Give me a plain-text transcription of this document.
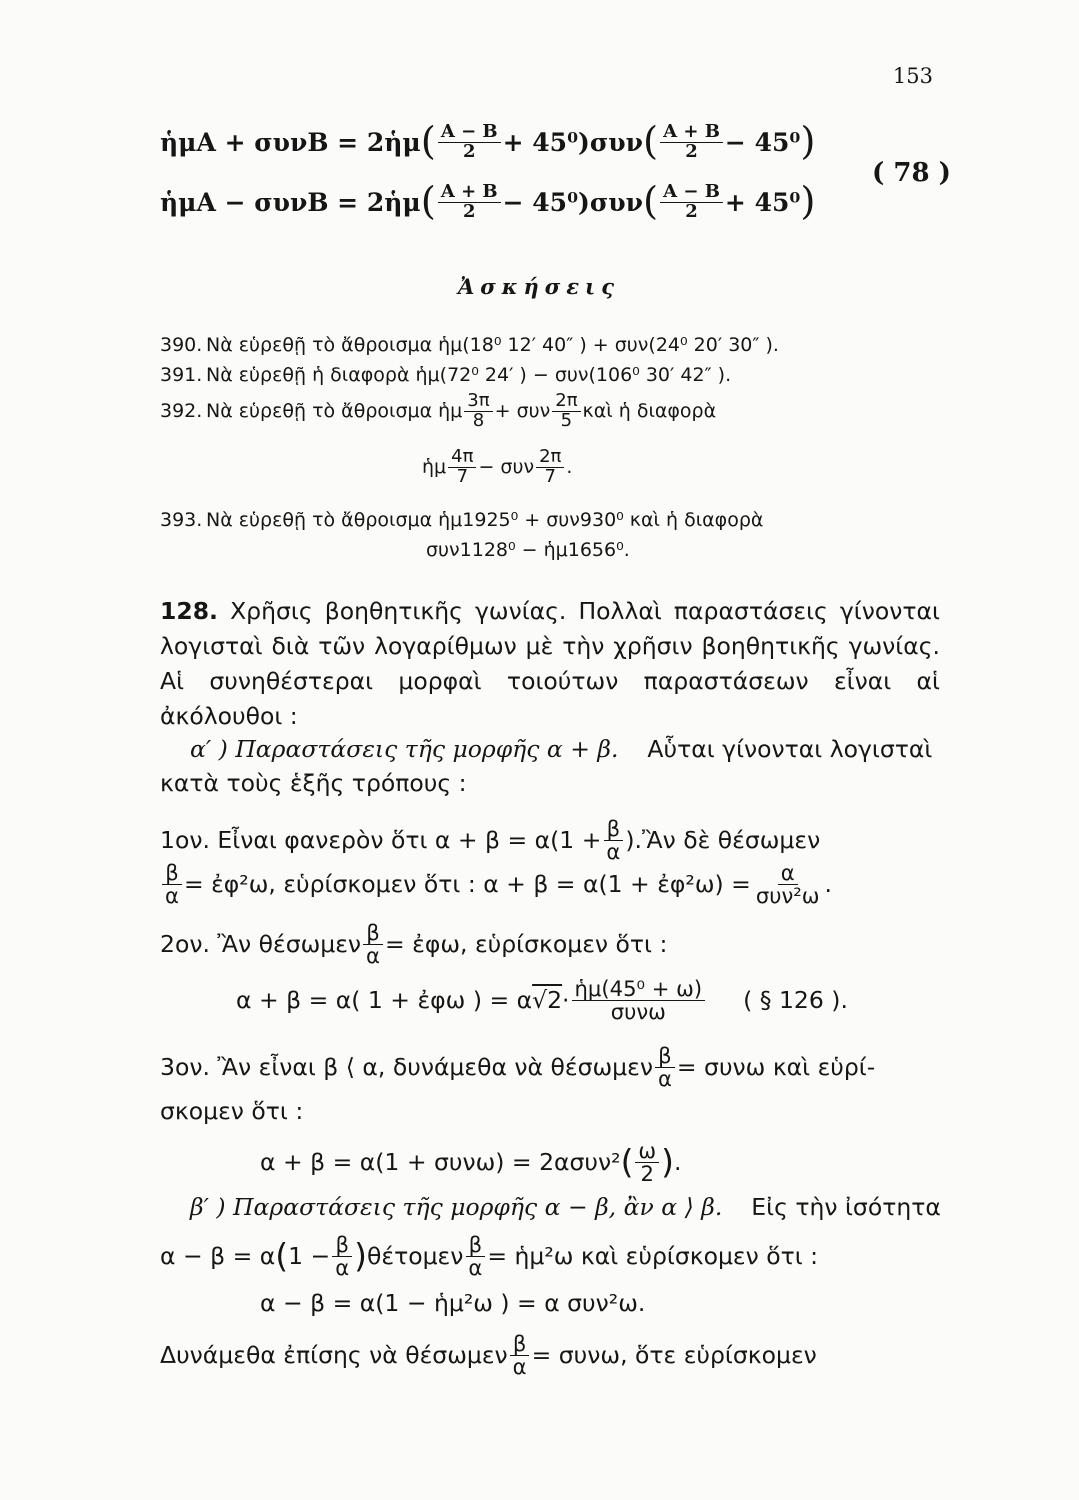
153
ἡμΑ + συνΒ = 2ἡμ ( $\frac{A - B}{2} + 45^0)\sigma\upsilon\nu$ ( $\frac{A + B}{2} - 45^0$ )
ἡμΑ − συνΒ = 2ἡμ ( $\frac{A + B}{2} - 45^0)\sigma\upsilon\nu$ ( $\frac{A - B}{2} + 45^0$ )
( 78 )
Ἀσκήσεις
390. Νὰ εὑρεθῇ τὸ ἄθροισμα ἡμ(18⁰ 12′ 40″ ) + συν(24⁰ 20′ 30″ ).
391. Νὰ εὑρεθῇ ἡ διαφορὰ ἡμ(72⁰ 24′ ) − συν(106⁰ 30′ 42″ ).
392. Νὰ εὑρεθῇ τὸ ἄθροισμα ἡμ $\frac{3\pi}{8} + \sigma\upsilon\nu \frac{2\pi}{5}$ καὶ ἡ διαφορὰ
ἡμ $\frac{4\pi}{7} - \sigma\upsilon\nu \frac{2\pi}{7}$ .
393. Νὰ εὑρεθῇ τὸ ἄθροισμα ἡμ1925⁰ + συν930⁰ καὶ ἡ διαφορὰ
συν1128⁰ − ἡμ1656⁰.
128. Χρῆσις βοηθητικῆς γωνίας. Πολλαὶ παραστάσεις γίνονται λογισταὶ διὰ τῶν λογαρίθμων μὲ τὴν χρῆσιν βοηθητικῆς γωνίας. Αἱ συνηθέστεραι μορφαὶ τοιούτων παραστάσεων εἶναι αἱ ἀκόλουθοι :
α′ ) Παραστάσεις τῆς μορφῆς α + β. Αὗται γίνονται λογισταὶ
κατὰ τοὺς ἑξῆς τρόπους :
1ον. Εἶναι φανερὸν ὅτι α + β = α ($1 + \frac{\beta}{\alpha}$ ). Ἂν δὲ θέσωμεν
$\frac{\beta}{\alpha}$ = ἐφ²ω, εὑρίσκομεν ὅτι : α + β = α(1 + ἐφ²ω) = $\frac{\alpha}{\text{συν²ω}}$ .
2ον. Ἂν θέσωμεν $\frac{\beta}{\alpha}$ = ἐφω, εὑρίσκομεν ὅτι :
α + β = α( 1 + ἐφω ) = α $√2 \cdot \frac{\text{ἡμ(45⁰ + ω)}}{\text{συνω}}$ ( § 126 ).
3ον. Ἂν εἶναι β ⟨ α, δυνάμεθα νὰ θέσωμεν $\frac{\beta}{\alpha} = \sigma\upsilon\nu\omega$ καὶ εὑρί-
σκομεν ὅτι :
α + β = α(1 + συνω) = 2ασυν² ( $\frac{\omega}{2}$ ) .
β′ ) Παραστάσεις τῆς μορφῆς α − β, ἂν α ⟩ β. Εἰς τὴν ἰσότητα
α − β = α ( $1 - \frac{\beta}{\alpha}$ ) θέτομεν $\frac{\beta}{\alpha}$ = ἡμ²ω καὶ εὑρίσκομεν ὅτι :
α − β = α(1 − ἡμ²ω ) = α συν²ω.
Δυνάμεθα ἐπίσης νὰ θέσωμεν $\frac{\beta}{\alpha} = \sigma\upsilon\nu\omega$, ὅτε εὑρίσκομεν
